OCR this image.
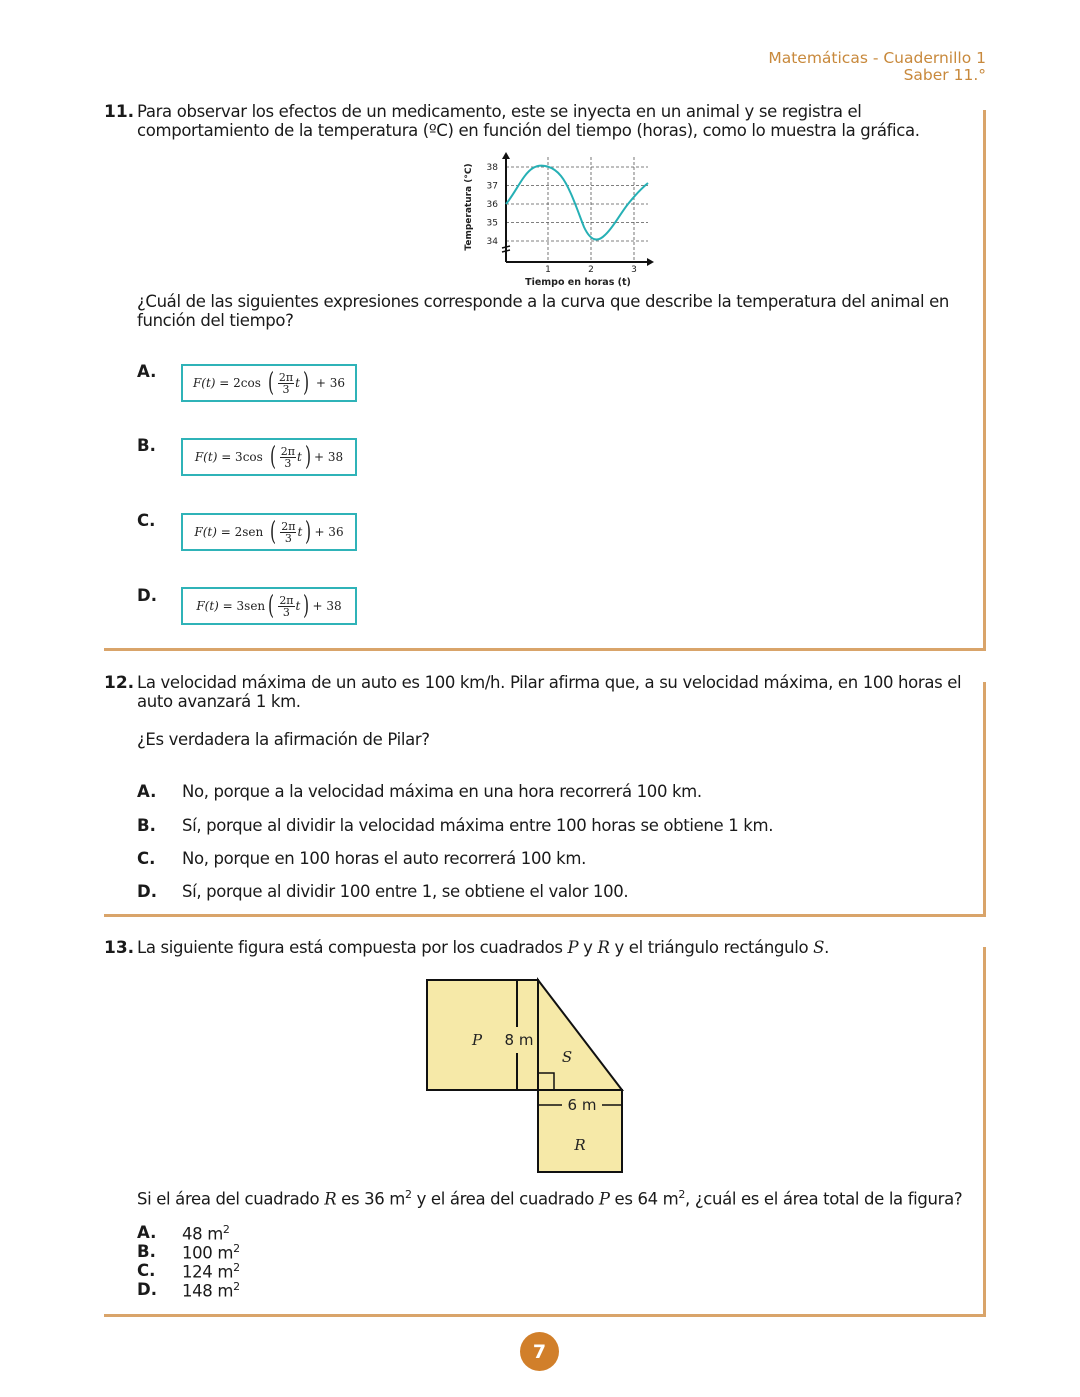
Matemáticas - Cuadernillo 1
Saber 11.°
11. Para observar los efectos de un medicamento, este se inyecta en un animal y se registra el comportamiento de la temperatura (ºC) en función del tiempo (horas), como lo muestra la gráfica.
Temperatura (°C) 38
37
36
35
34
1	2	3
Tiempo en horas (t)
¿Cuál de las siguientes expresiones corresponde a la curva que describe la temperatura del animal en función del tiempo?
A.
F(t) = 2cos ( $\frac{2\pi}{3}$ t ) + 36
B.
F(t) = 3cos ( $\frac{2\pi}{3}$ t ) + 38
C.
F(t) = 2sen ( $\frac{2\pi}{3}$ t ) + 36
D.
F(t) = 3sen ( $\frac{2\pi}{3}$ t ) + 38
12. La velocidad máxima de un auto es 100 km/h. Pilar afirma que, a su velocidad máxima, en 100 horas el auto avanzará 1 km.
¿Es verdadera la afirmación de Pilar?
A. No, porque a la velocidad máxima en una hora recorrerá 100 km.
B. Sí, porque al dividir la velocidad máxima entre 100 horas se obtiene 1 km.
C. No, porque en 100 horas el auto recorrerá 100 km.
D. Sí, porque al dividir 100 entre 1, se obtiene el valor 100.
13. La siguiente figura está compuesta por los cuadrados P y R y el triángulo rectángulo S.
P 8 m
S
6 m
R
Si el área del cuadrado R es 36 $m^2$ y el área del cuadrado P es 64 $m^2$, ¿cuál es el área total de la figura?
A. 48 $m^2$
B. 100 $m^2$
C. 124 $m^2$
D. 148 $m^2$
7
